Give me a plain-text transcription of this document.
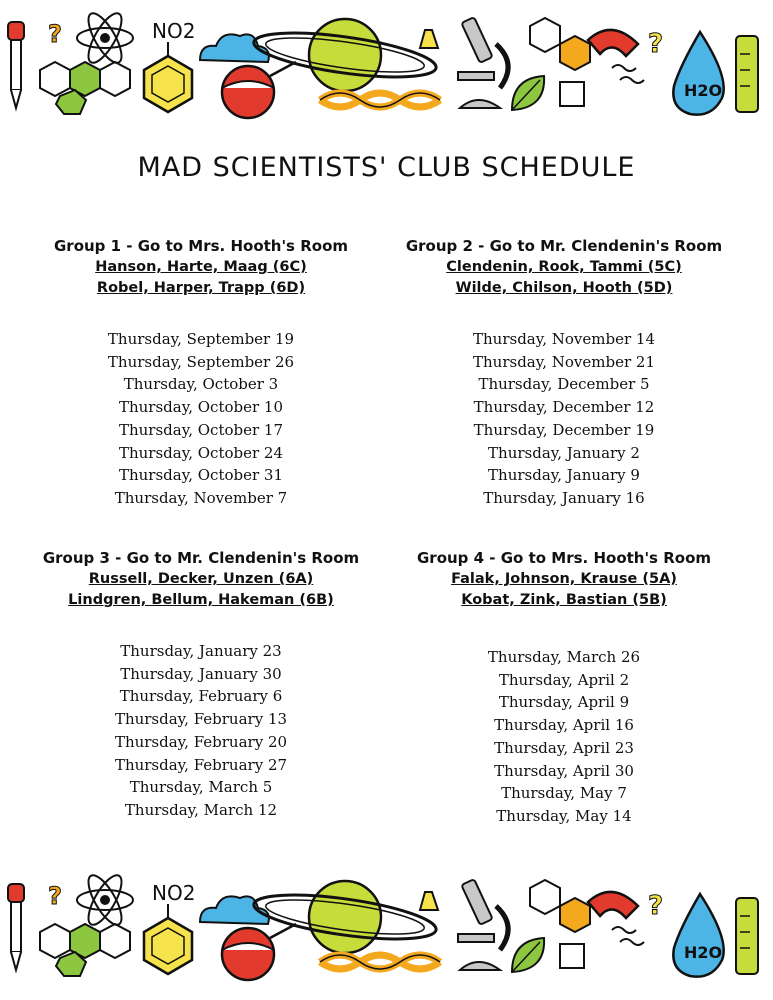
?	NO2	?
H2O
MAD SCIENTISTS' CLUB SCHEDULE
Group 1 - Go to Mrs. Hooth's Room
Hanson, Harte, Maag (6C)
Robel, Harper, Trapp (6D)
Thursday, September 19
Thursday, September 26
Thursday, October 3
Thursday, October 10
Thursday, October 17
Thursday, October 24
Thursday, October 31
Thursday, November 7
Group 2 - Go to Mr. Clendenin's Room
Clendenin, Rook, Tammi (5C)
Wilde, Chilson, Hooth (5D)
Thursday, November 14
Thursday, November 21
Thursday, December 5
Thursday, December 12
Thursday, December 19
Thursday, January 2
Thursday, January 9
Thursday, January 16
Group 3 - Go to Mr. Clendenin's Room
Russell, Decker, Unzen (6A)
Lindgren, Bellum, Hakeman (6B)
Thursday, January 23
Thursday, January 30
Thursday, February 6
Thursday, February 13
Thursday, February 20
Thursday, February 27
Thursday, March 5
Thursday, March 12
Group 4 - Go to Mrs. Hooth's Room
Falak, Johnson, Krause (5A)
Kobat, Zink, Bastian (5B)
Thursday, March 26
Thursday, April 2
Thursday, April 9
Thursday, April 16
Thursday, April 23
Thursday, April 30
Thursday, May 7
Thursday, May 14
?	NO2	?
H2O
